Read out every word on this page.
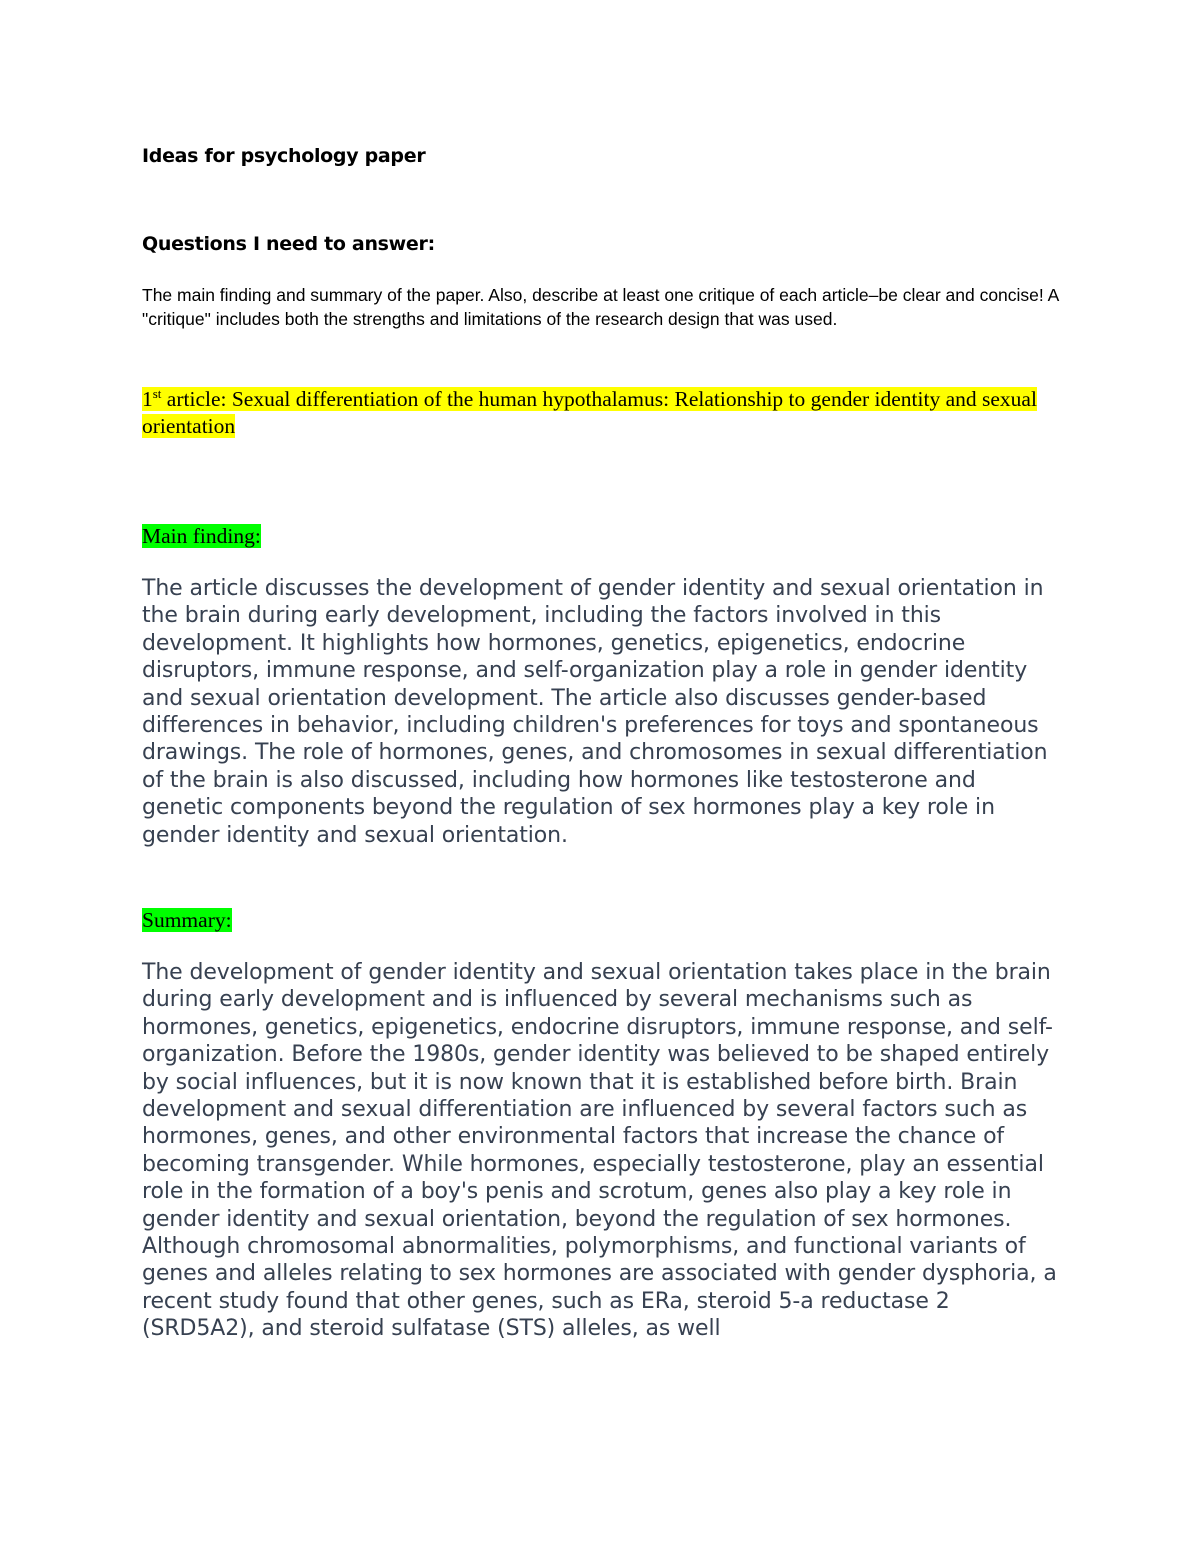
Ideas for psychology paper
Questions I need to answer:

The main finding and summary of the paper. Also, describe at least one critique of each article–be clear and concise! A "critique" includes both the strengths and limitations of the research design that was used.

1st article: Sexual differentiation of the human hypothalamus: Relationship to gender identity and sexual orientation

Main finding:

The article discusses the development of gender identity and sexual orientation in the brain during early development, including the factors involved in this development. It highlights how hormones, genetics, epigenetics, endocrine disruptors, immune response, and self-organization play a role in gender identity and sexual orientation development. The article also discusses gender-based differences in behavior, including children's preferences for toys and spontaneous drawings. The role of hormones, genes, and chromosomes in sexual differentiation of the brain is also discussed, including how hormones like testosterone and genetic components beyond the regulation of sex hormones play a key role in gender identity and sexual orientation.

Summary:

The development of gender identity and sexual orientation takes place in the brain during early development and is influenced by several mechanisms such as hormones, genetics, epigenetics, endocrine disruptors, immune response, and self-organization. Before the 1980s, gender identity was believed to be shaped entirely by social influences, but it is now known that it is established before birth. Brain development and sexual differentiation are influenced by several factors such as hormones, genes, and other environmental factors that increase the chance of becoming transgender. While hormones, especially testosterone, play an essential role in the formation of a boy's penis and scrotum, genes also play a key role in gender identity and sexual orientation, beyond the regulation of sex hormones. Although chromosomal abnormalities, polymorphisms, and functional variants of genes and alleles relating to sex hormones are associated with gender dysphoria, a recent study found that other genes, such as ERa, steroid 5-a reductase 2 (SRD5A2), and steroid sulfatase (STS) alleles, as well
